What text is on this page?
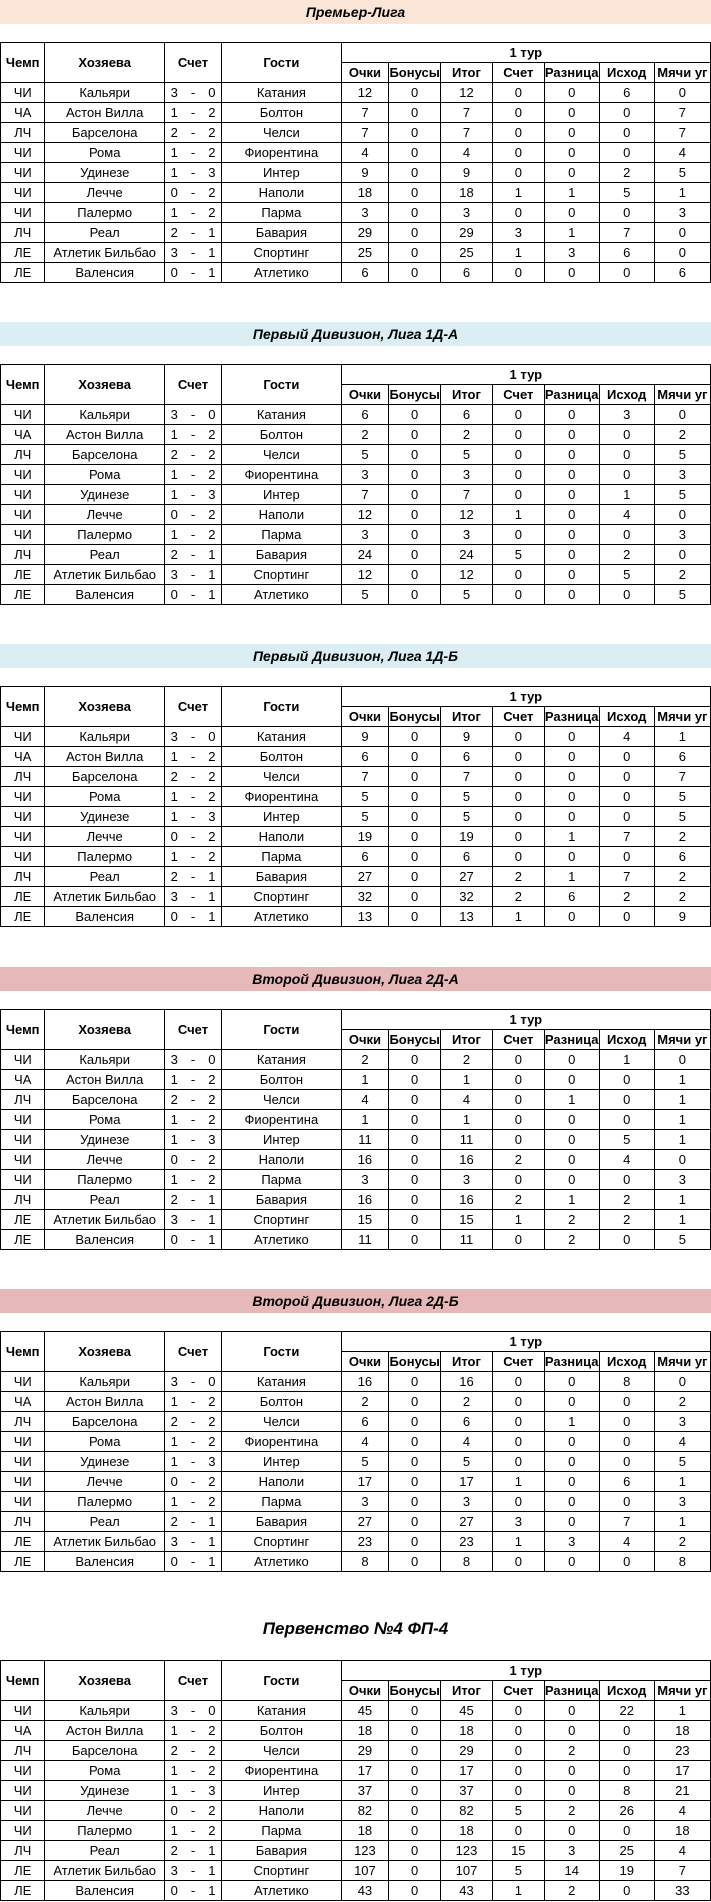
Премьер-Лига
Чемп	Хозяева	Счет			Гости	1 тур						
						Очки	Бонусы	Итог	Счет	Разница	Исход	Мячи уг
ЧИ	Кальяри	3	-	0	Катания	12	0	12	0	0	6	0
ЧА	Астон Вилла	1	-	2	Болтон	7	0	7	0	0	0	7
ЛЧ	Барселона	2	-	2	Челси	7	0	7	0	0	0	7
ЧИ	Рома	1	-	2	Фиорентина	4	0	4	0	0	0	4
ЧИ	Удинезе	1	-	3	Интер	9	0	9	0	0	2	5
ЧИ	Лечче	0	-	2	Наполи	18	0	18	1	1	5	1
ЧИ	Палермо	1	-	2	Парма	3	0	3	0	0	0	3
ЛЧ	Реал	2	-	1	Бавария	29	0	29	3	1	7	0
ЛЕ	Атлетик Бильбао	3	-	1	Спортинг	25	0	25	1	3	6	0
ЛЕ	Валенсия	0	-	1	Атлетико	6	0	6	0	0	0	6
Первый Дивизион, Лига 1Д-А
Чемп	Хозяева	Счет			Гости	1 тур						
						Очки	Бонусы	Итог	Счет	Разница	Исход	Мячи уг
ЧИ	Кальяри	3	-	0	Катания	6	0	6	0	0	3	0
ЧА	Астон Вилла	1	-	2	Болтон	2	0	2	0	0	0	2
ЛЧ	Барселона	2	-	2	Челси	5	0	5	0	0	0	5
ЧИ	Рома	1	-	2	Фиорентина	3	0	3	0	0	0	3
ЧИ	Удинезе	1	-	3	Интер	7	0	7	0	0	1	5
ЧИ	Лечче	0	-	2	Наполи	12	0	12	1	0	4	0
ЧИ	Палермо	1	-	2	Парма	3	0	3	0	0	0	3
ЛЧ	Реал	2	-	1	Бавария	24	0	24	5	0	2	0
ЛЕ	Атлетик Бильбао	3	-	1	Спортинг	12	0	12	0	0	5	2
ЛЕ	Валенсия	0	-	1	Атлетико	5	0	5	0	0	0	5
Первый Дивизион, Лига 1Д-Б
Чемп	Хозяева	Счет			Гости	1 тур						
						Очки	Бонусы	Итог	Счет	Разница	Исход	Мячи уг
ЧИ	Кальяри	3	-	0	Катания	9	0	9	0	0	4	1
ЧА	Астон Вилла	1	-	2	Болтон	6	0	6	0	0	0	6
ЛЧ	Барселона	2	-	2	Челси	7	0	7	0	0	0	7
ЧИ	Рома	1	-	2	Фиорентина	5	0	5	0	0	0	5
ЧИ	Удинезе	1	-	3	Интер	5	0	5	0	0	0	5
ЧИ	Лечче	0	-	2	Наполи	19	0	19	0	1	7	2
ЧИ	Палермо	1	-	2	Парма	6	0	6	0	0	0	6
ЛЧ	Реал	2	-	1	Бавария	27	0	27	2	1	7	2
ЛЕ	Атлетик Бильбао	3	-	1	Спортинг	32	0	32	2	6	2	2
ЛЕ	Валенсия	0	-	1	Атлетико	13	0	13	1	0	0	9
Второй Дивизион, Лига 2Д-А
Чемп	Хозяева	Счет			Гости	1 тур						
						Очки	Бонусы	Итог	Счет	Разница	Исход	Мячи уг
ЧИ	Кальяри	3	-	0	Катания	2	0	2	0	0	1	0
ЧА	Астон Вилла	1	-	2	Болтон	1	0	1	0	0	0	1
ЛЧ	Барселона	2	-	2	Челси	4	0	4	0	1	0	1
ЧИ	Рома	1	-	2	Фиорентина	1	0	1	0	0	0	1
ЧИ	Удинезе	1	-	3	Интер	11	0	11	0	0	5	1
ЧИ	Лечче	0	-	2	Наполи	16	0	16	2	0	4	0
ЧИ	Палермо	1	-	2	Парма	3	0	3	0	0	0	3
ЛЧ	Реал	2	-	1	Бавария	16	0	16	2	1	2	1
ЛЕ	Атлетик Бильбао	3	-	1	Спортинг	15	0	15	1	2	2	1
ЛЕ	Валенсия	0	-	1	Атлетико	11	0	11	0	2	0	5
Второй Дивизион, Лига 2Д-Б
Чемп	Хозяева	Счет			Гости	1 тур						
						Очки	Бонусы	Итог	Счет	Разница	Исход	Мячи уг
ЧИ	Кальяри	3	-	0	Катания	16	0	16	0	0	8	0
ЧА	Астон Вилла	1	-	2	Болтон	2	0	2	0	0	0	2
ЛЧ	Барселона	2	-	2	Челси	6	0	6	0	1	0	3
ЧИ	Рома	1	-	2	Фиорентина	4	0	4	0	0	0	4
ЧИ	Удинезе	1	-	3	Интер	5	0	5	0	0	0	5
ЧИ	Лечче	0	-	2	Наполи	17	0	17	1	0	6	1
ЧИ	Палермо	1	-	2	Парма	3	0	3	0	0	0	3
ЛЧ	Реал	2	-	1	Бавария	27	0	27	3	0	7	1
ЛЕ	Атлетик Бильбао	3	-	1	Спортинг	23	0	23	1	3	4	2
ЛЕ	Валенсия	0	-	1	Атлетико	8	0	8	0	0	0	8
Первенство №4 ФП-4
Чемп	Хозяева	Счет			Гости	1 тур						
						Очки	Бонусы	Итог	Счет	Разница	Исход	Мячи уг
ЧИ	Кальяри	3	-	0	Катания	45	0	45	0	0	22	1
ЧА	Астон Вилла	1	-	2	Болтон	18	0	18	0	0	0	18
ЛЧ	Барселона	2	-	2	Челси	29	0	29	0	2	0	23
ЧИ	Рома	1	-	2	Фиорентина	17	0	17	0	0	0	17
ЧИ	Удинезе	1	-	3	Интер	37	0	37	0	0	8	21
ЧИ	Лечче	0	-	2	Наполи	82	0	82	5	2	26	4
ЧИ	Палермо	1	-	2	Парма	18	0	18	0	0	0	18
ЛЧ	Реал	2	-	1	Бавария	123	0	123	15	3	25	4
ЛЕ	Атлетик Бильбао	3	-	1	Спортинг	107	0	107	5	14	19	7
ЛЕ	Валенсия	0	-	1	Атлетико	43	0	43	1	2	0	33
